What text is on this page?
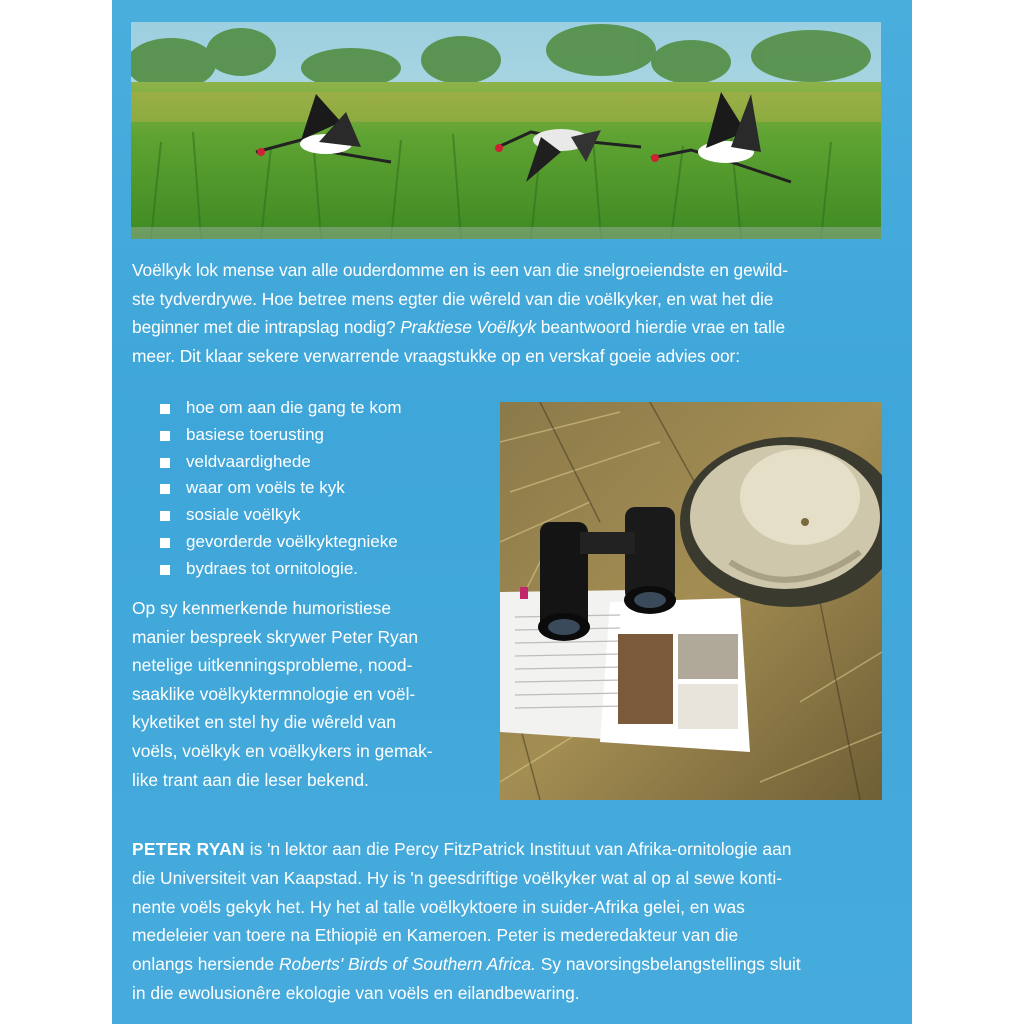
Voëlkyk lok mense van alle ouderdomme en is een van die snelgroeiendste en gewild-
ste tydverdrywe. Hoe betree mens egter die wêreld van die voëlkyker, en wat het die
beginner met die intrapslag nodig? Praktiese Voëlkyk beantwoord hierdie vrae en talle
meer. Dit klaar sekere verwarrende vraagstukke op en verskaf goeie advies oor:

hoe om aan die gang te kom
basiese toerusting
veldvaardighede
waar om voëls te kyk
sosiale voëlkyk
gevorderde voëlkyktegnieke
bydraes tot ornitologie.

Op sy kenmerkende humoristiese
manier bespreek skrywer Peter Ryan
netelige uitkenningsprobleme, nood-
saaklike voëlkyktermnologie en voël-
kyketiket en stel hy die wêreld van
voëls, voëlkyk en voëlkykers in gemak-
like trant aan die leser bekend.

PETER RYAN is 'n lektor aan die Percy FitzPatrick Instituut van Afrika-ornitologie aan
die Universiteit van Kaapstad. Hy is 'n geesdriftige voëlkyker wat al op al sewe konti-
nente voëls gekyk het. Hy het al talle voëlkyktoere in suider-Afrika gelei, en was
medeleier van toere na Ethiopië en Kameroen. Peter is mederedakteur van die
onlangs hersiende Roberts' Birds of Southern Africa. Sy navorsingsbelangstellings sluit
in die ewolusionêre ekologie van voëls en eilandbewaring.
